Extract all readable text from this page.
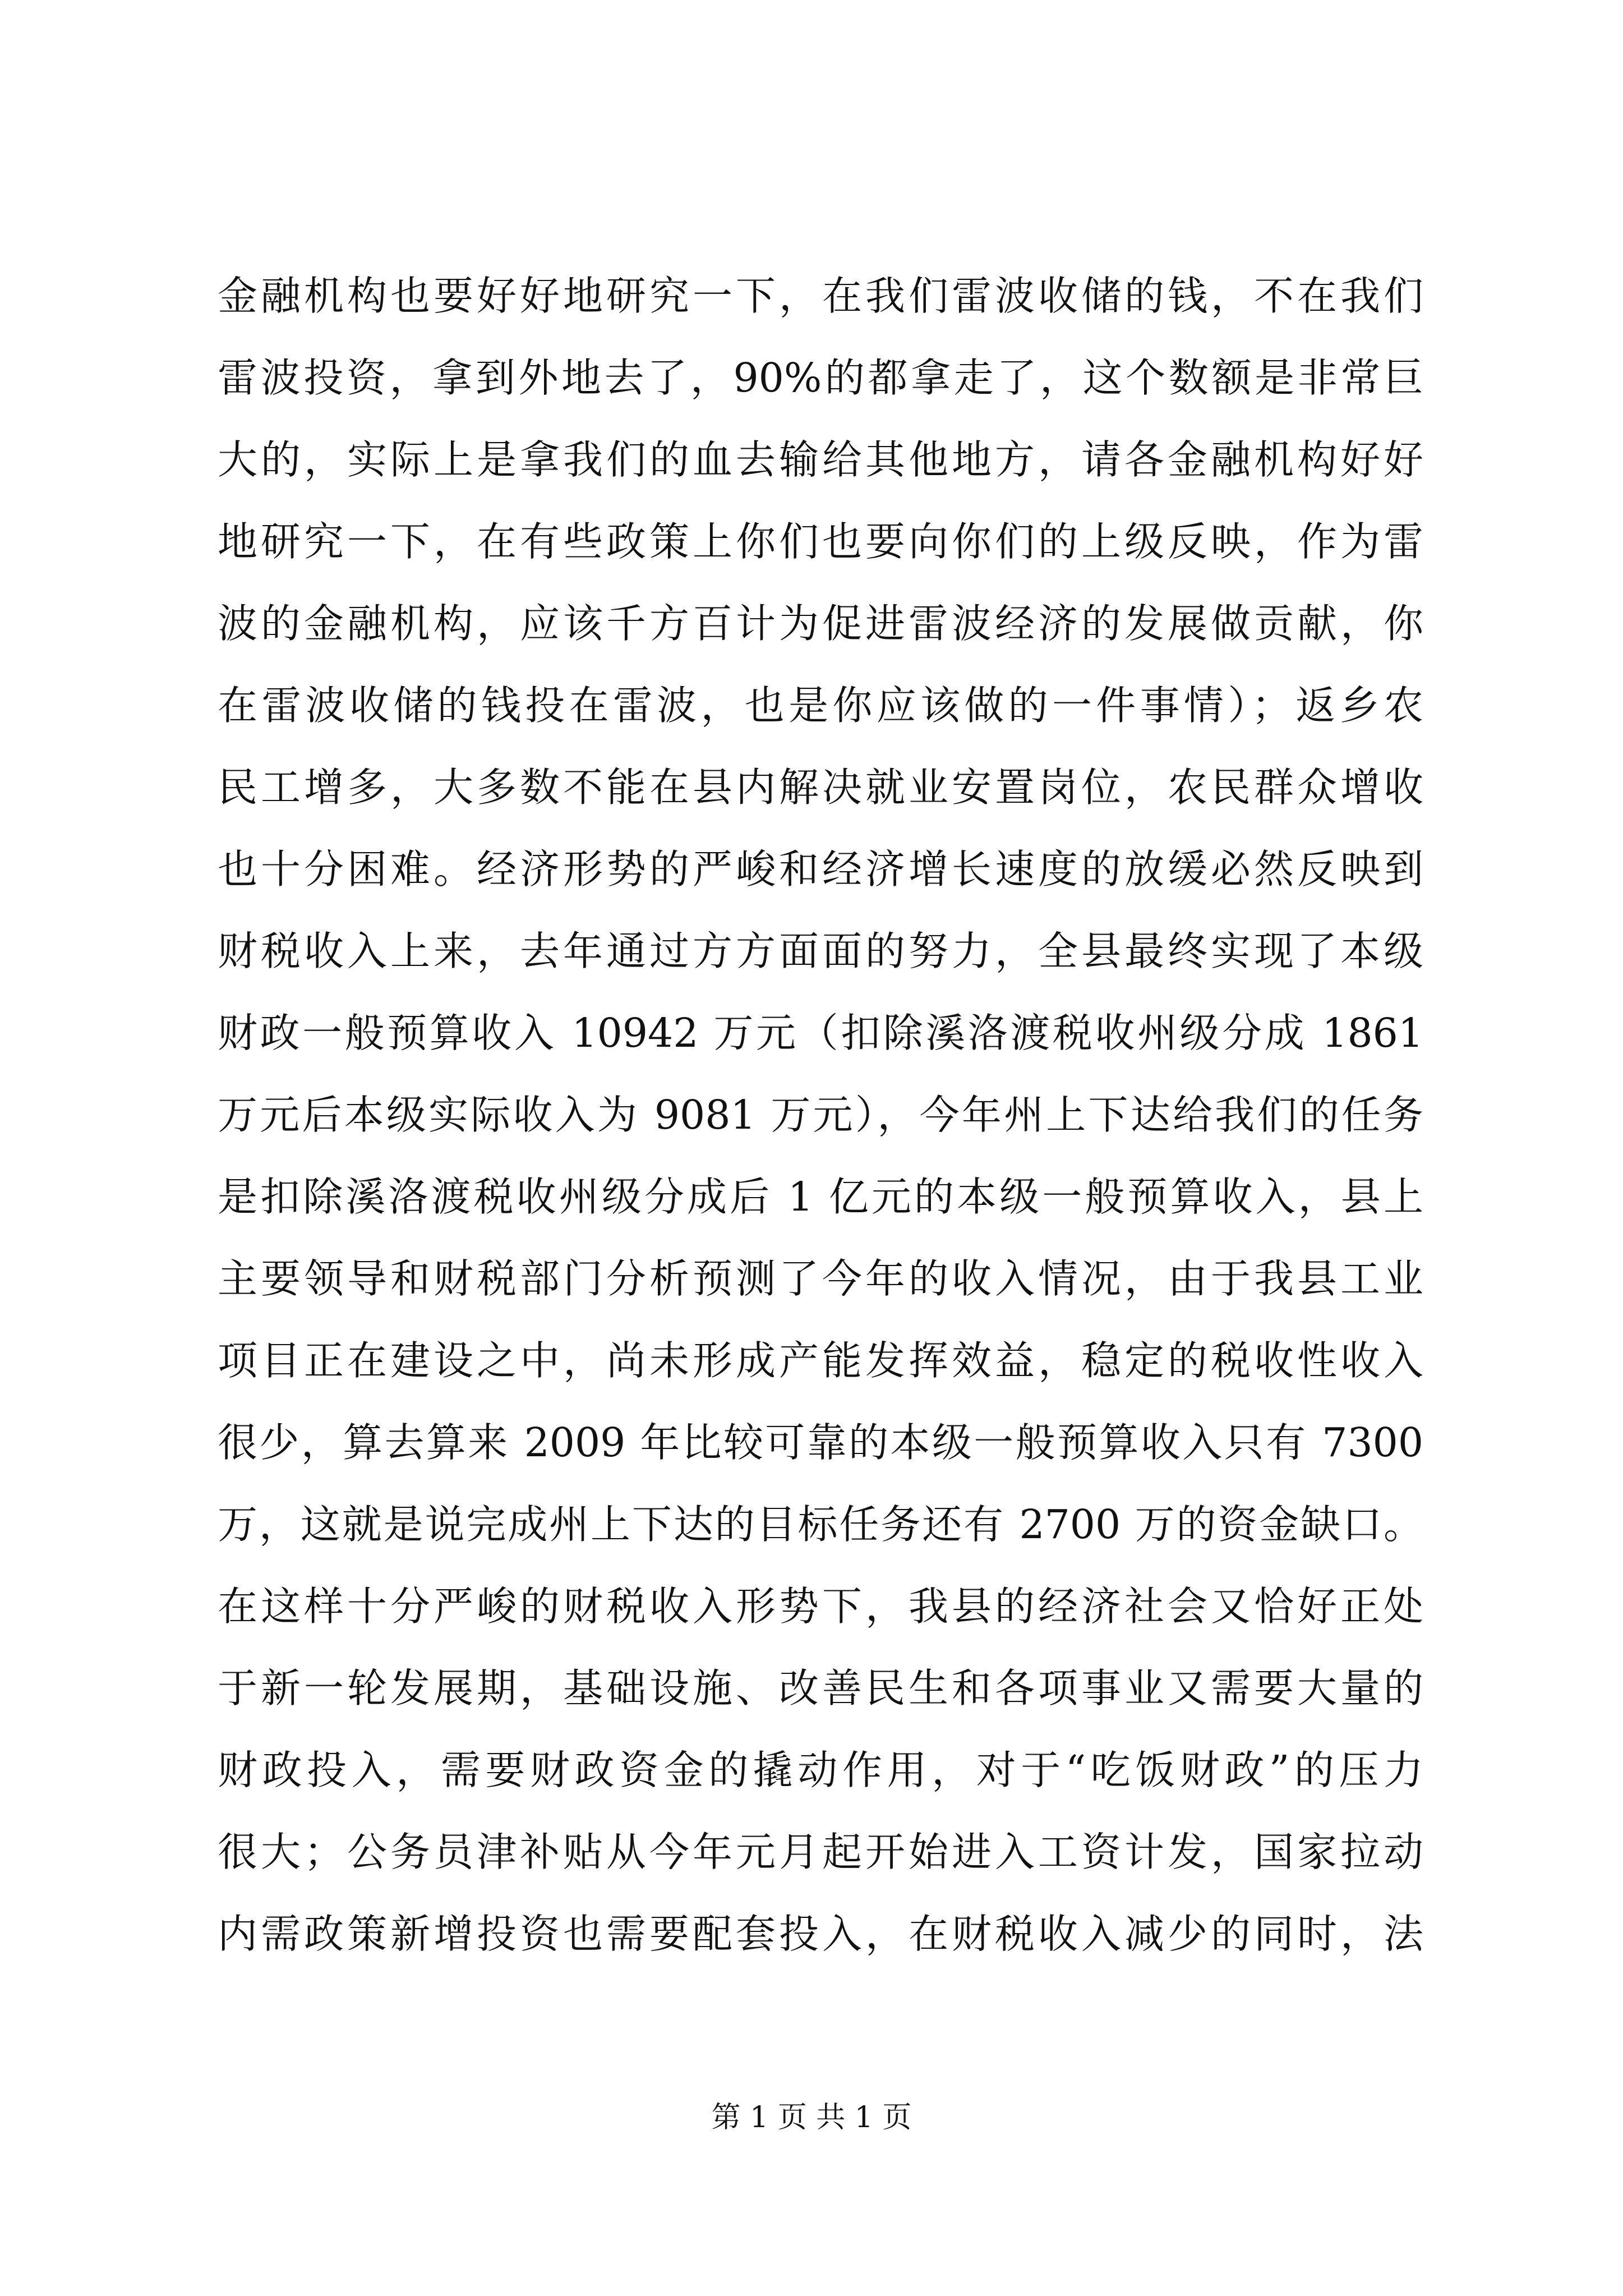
金融机构也要好好地研究一下，在我们雷波收储的钱，不在我们
雷波投资，拿到外地去了，90%的都拿走了，这个数额是非常巨
大的，实际上是拿我们的血去输给其他地方，请各金融机构好好
地研究一下，在有些政策上你们也要向你们的上级反映，作为雷
波的金融机构，应该千方百计为促进雷波经济的发展做贡献，你
在雷波收储的钱投在雷波，也是你应该做的一件事情）；返乡农
民工增多，大多数不能在县内解决就业安置岗位，农民群众增收
也十分困难。经济形势的严峻和经济增长速度的放缓必然反映到
财税收入上来，去年通过方方面面的努力，全县最终实现了本级
财政一般预算收入 10942 万元（扣除溪洛渡税收州级分成 1861
万元后本级实际收入为 9081 万元），今年州上下达给我们的任务
是扣除溪洛渡税收州级分成后 1 亿元的本级一般预算收入，县上
主要领导和财税部门分析预测了今年的收入情况，由于我县工业
项目正在建设之中，尚未形成产能发挥效益，稳定的税收性收入
很少，算去算来 2009 年比较可靠的本级一般预算收入只有 7300
万，这就是说完成州上下达的目标任务还有 2700 万的资金缺口。
在这样十分严峻的财税收入形势下，我县的经济社会又恰好正处
于新一轮发展期，基础设施、改善民生和各项事业又需要大量的
财政投入，需要财政资金的撬动作用，对于“吃饭财政”的压力
很大；公务员津补贴从今年元月起开始进入工资计发，国家拉动
内需政策新增投资也需要配套投入，在财税收入减少的同时，法
第 1 页 共 1 页
